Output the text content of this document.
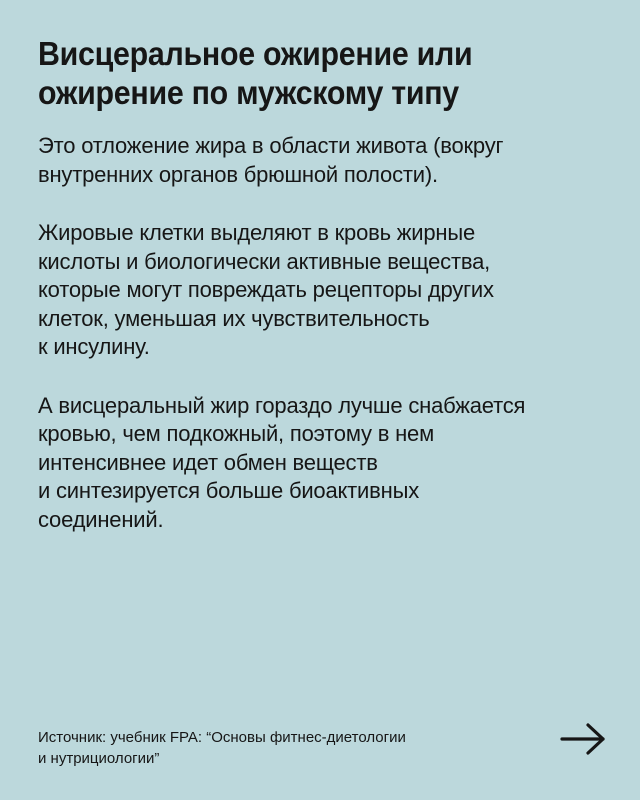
Висцеральное ожирение или
ожирение по мужскому типу

Это отложение жира в области живота (вокруг
внутренних органов брюшной полости).

Жировые клетки выделяют в кровь жирные
кислоты и биологически активные вещества,
которые могут повреждать рецепторы других
клеток, уменьшая их чувствительность
к инсулину.

А висцеральный жир гораздо лучше снабжается
кровью, чем подкожный, поэтому в нем
интенсивнее идет обмен веществ
и синтезируется больше биоактивных
соединений.

Источник: учебник FPA: “Основы фитнес-диетологии
и нутрициологии”
